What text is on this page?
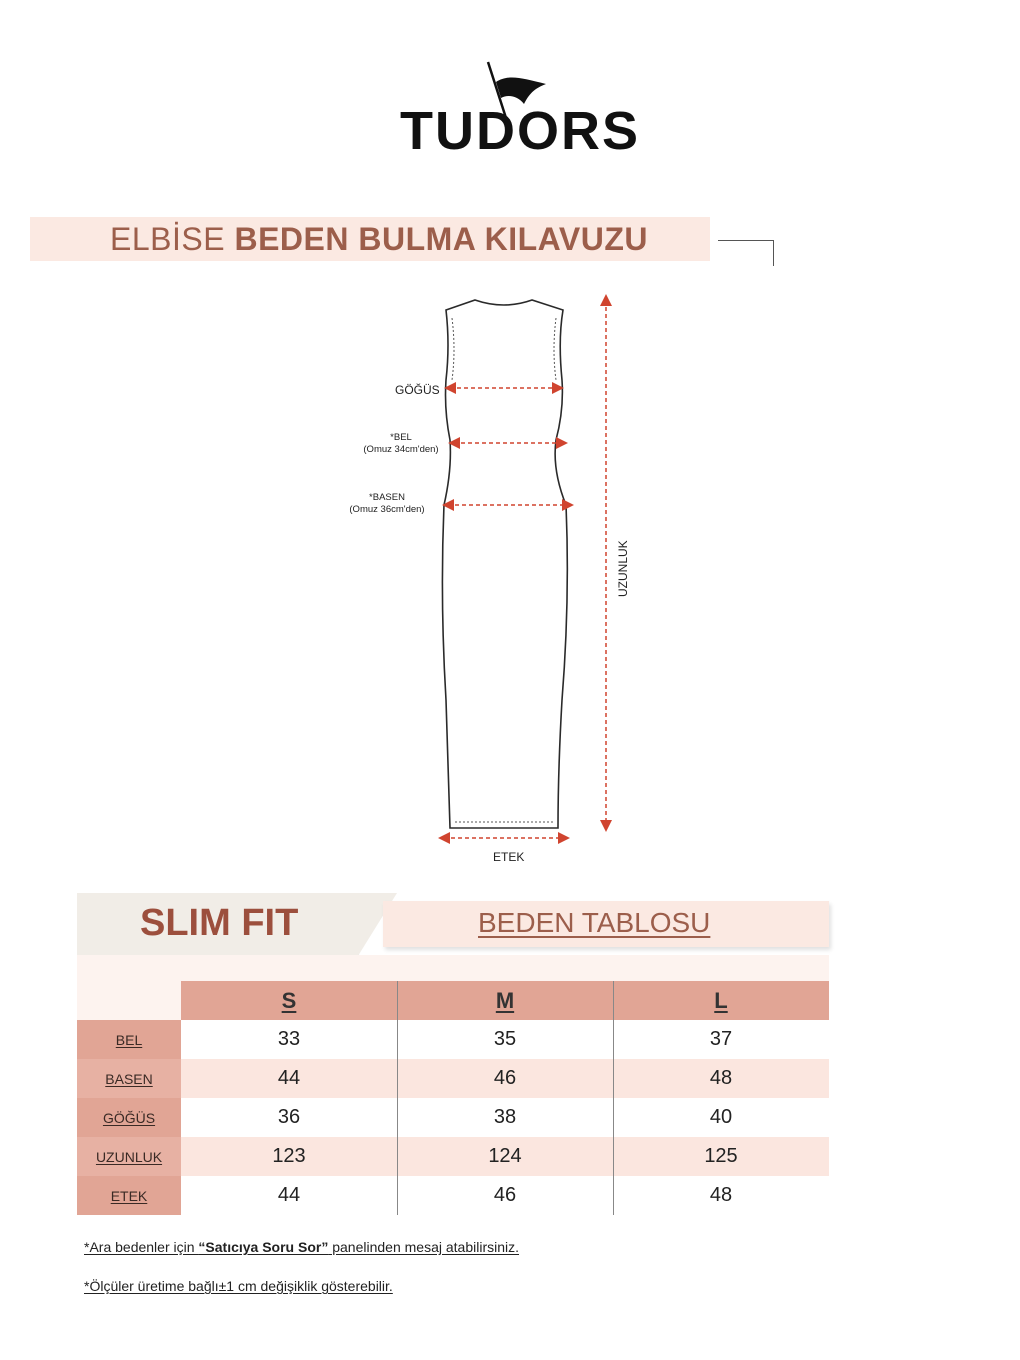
TUDORS
ELBİSE BEDEN BULMA KILAVUZU
GÖĞÜS
*BEL
(Omuz 34cm'den)
*BASEN
(Omuz 36cm'den)
UZUNLUK
ETEK
SLIM FIT	BEDEN TABLOSU
S	M	L
BEL	33	35	37
BASEN	44	46	48
GÖĞÜS	36	38	40
UZUNLUK	123	124	125
ETEK	44	46	48
*Ara bedenler için “Satıcıya Soru Sor” panelinden mesaj atabilirsiniz.
*Ölçüler üretime bağlı±1 cm değişiklik gösterebilir.
